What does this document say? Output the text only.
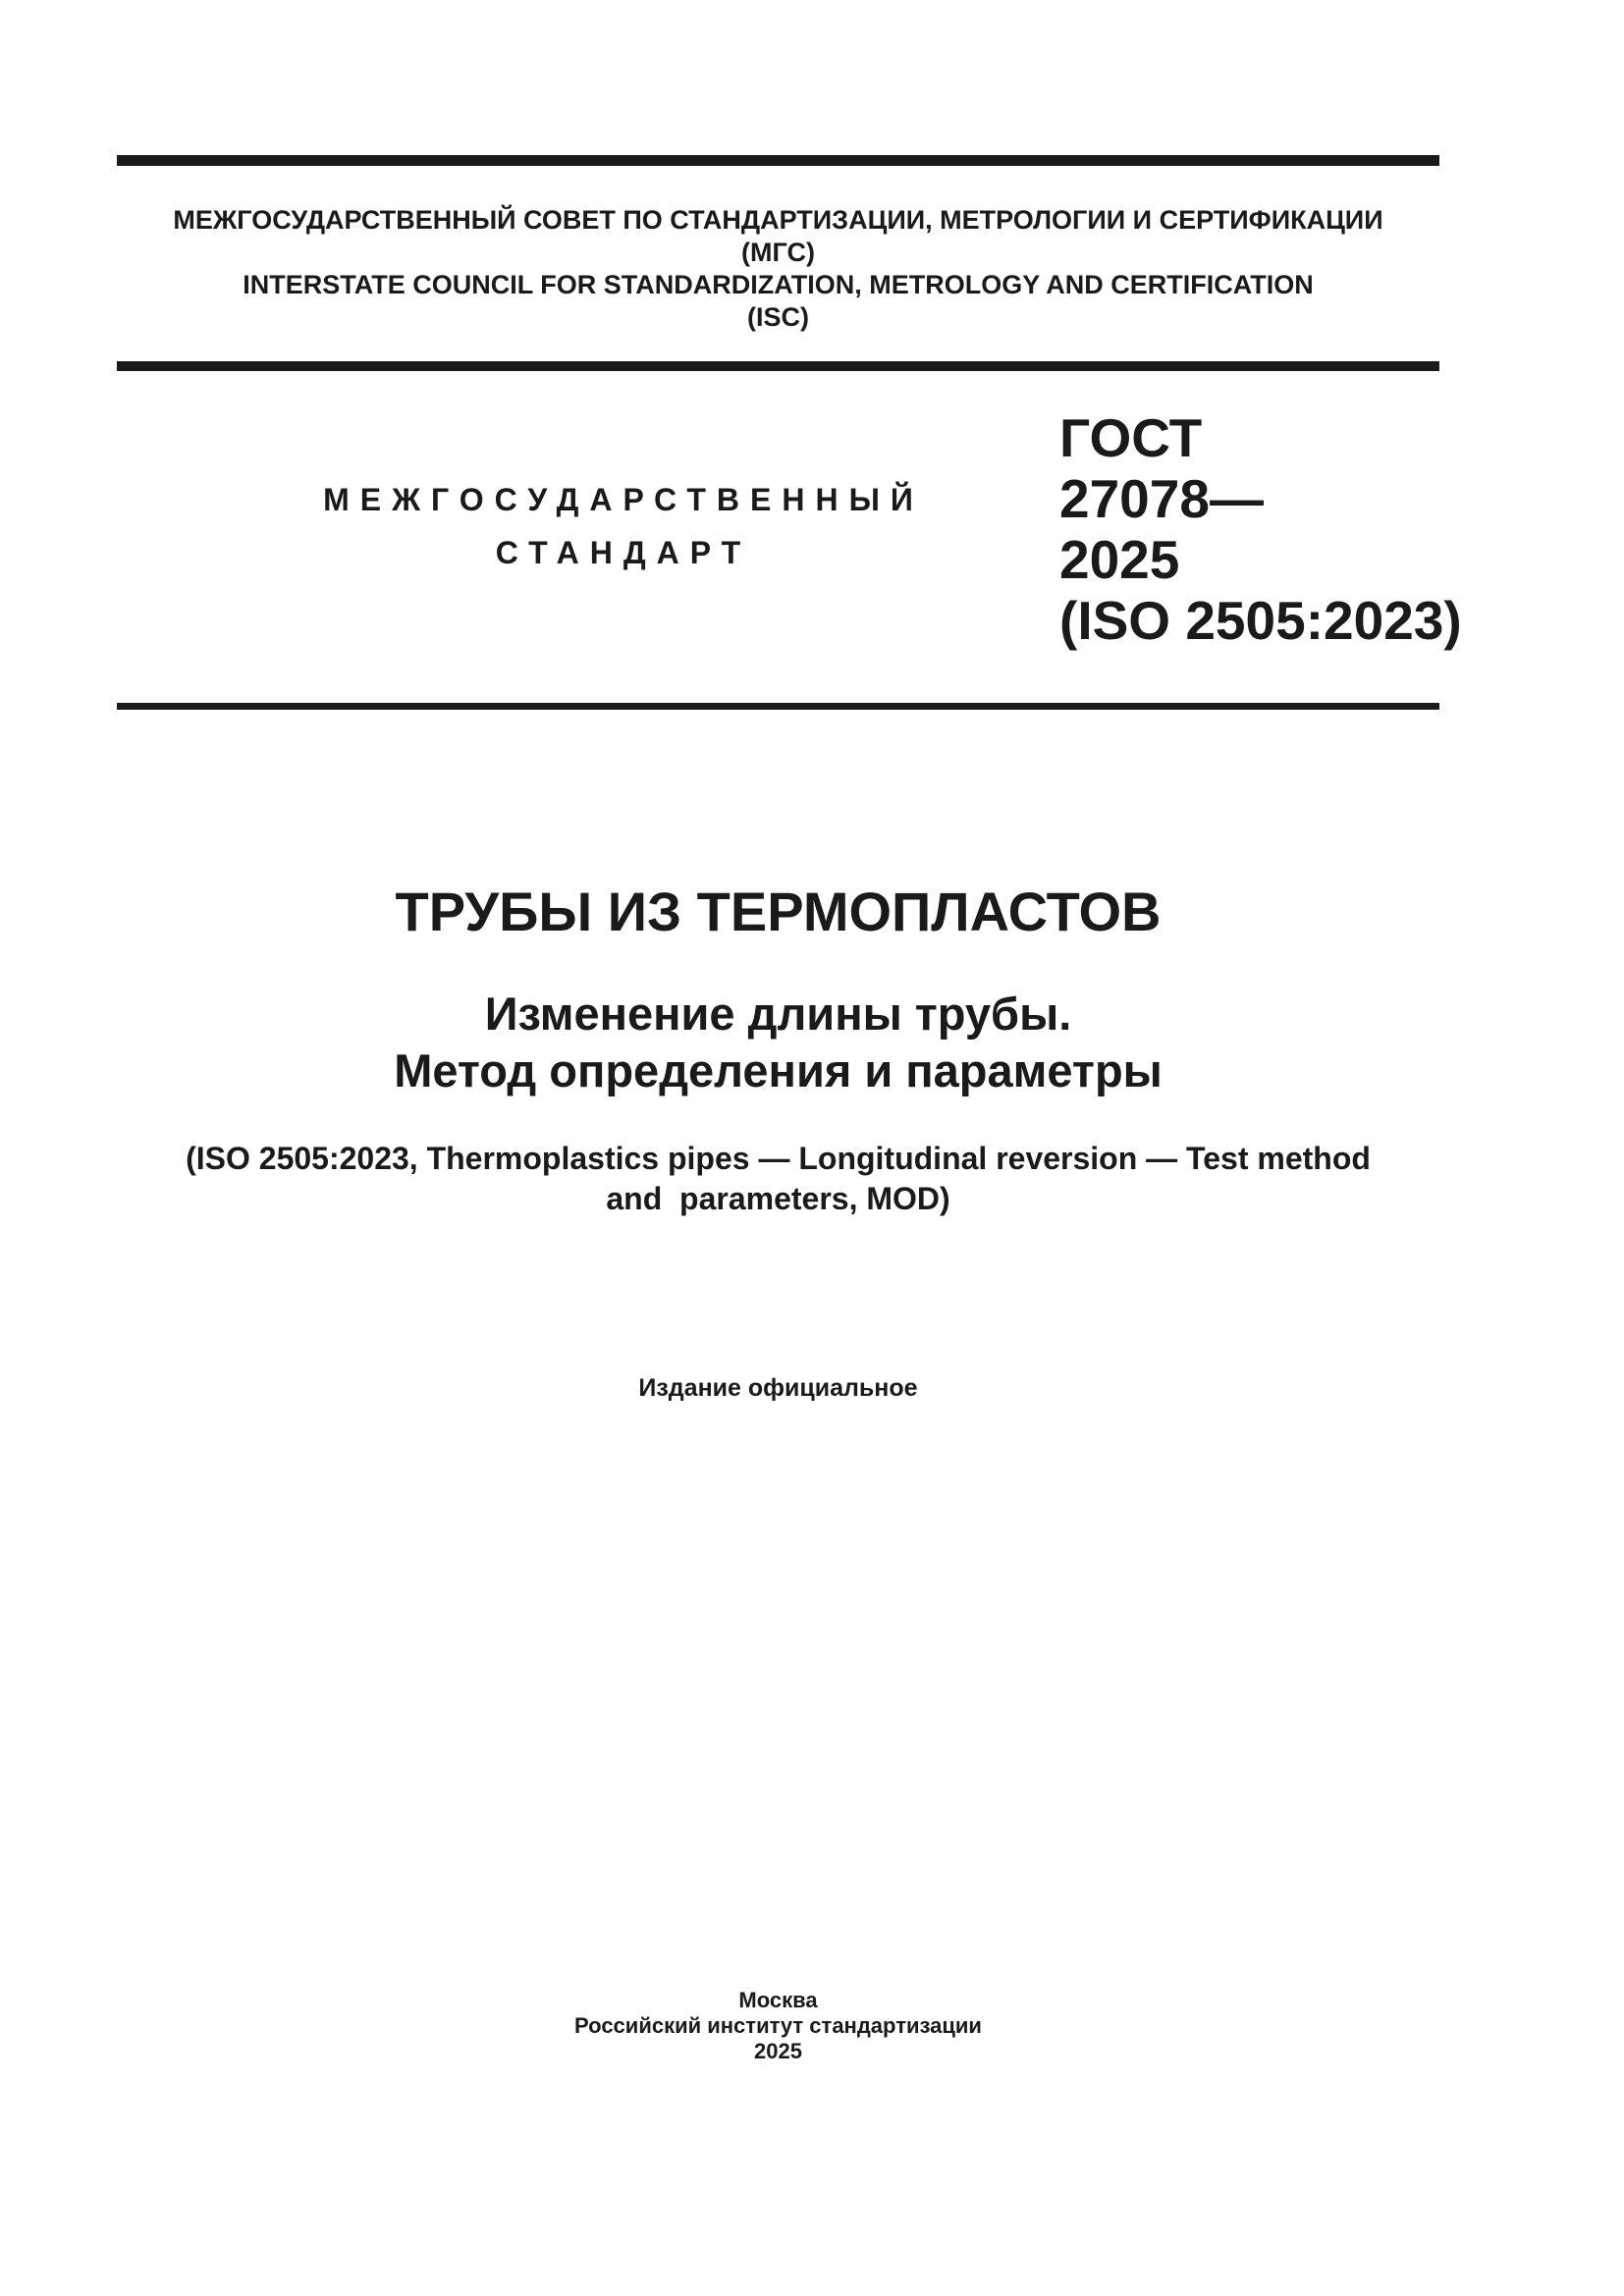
МЕЖГОСУДАРСТВЕННЫЙ СОВЕТ ПО СТАНДАРТИЗАЦИИ, МЕТРОЛОГИИ И СЕРТИФИКАЦИИ
(МГС)
INTERSTATE COUNCIL FOR STANDARDIZATION, METROLOGY AND CERTIFICATION
(ISC)
МЕЖГОСУДАРСТВЕННЫЙ
СТАНДАРТ
ГОСТ
27078—
2025
(ISO 2505:2023)
ТРУБЫ ИЗ ТЕРМОПЛАСТОВ
Изменение длины трубы.
Метод определения и параметры
(ISO 2505:2023, Thermoplastics pipes — Longitudinal reversion — Test method
and  parameters, MOD)
Издание официальное
Москва
Российский институт стандартизации
2025
